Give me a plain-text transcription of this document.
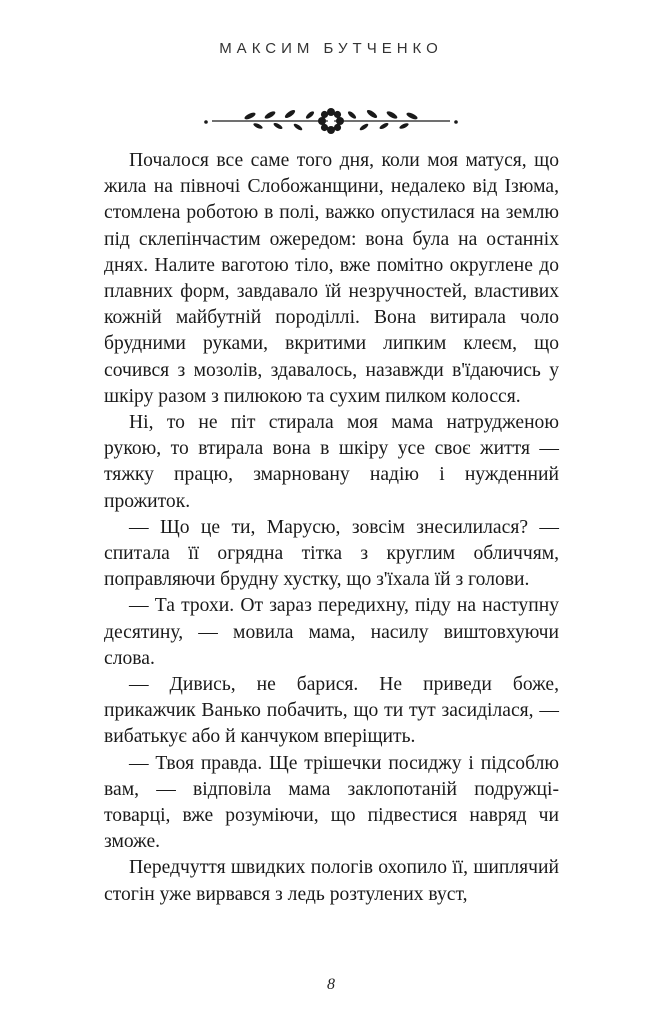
МАКСИМ БУТЧЕНКО

Почалося все саме того дня, коли моя матуся, що жила на півночі Слобожанщини, недалеко від Ізюма, стомлена роботою в полі, важко опустилася на землю під склепінчастим ожередом: вона була на останніх днях. Налите ваготою тіло, вже помітно округлене до плавних форм, завдавало їй незручностей, властивих кожній майбутній породіллі. Вона витирала чоло брудними руками, вкритими липким клеєм, що сочився з мозолів, здавалось, назавжди в'їдаючись у шкіру разом з пилюкою та сухим пилком колосся.

Ні, то не піт стирала моя мама натрудженою рукою, то втирала вона в шкіру усе своє життя — тяжку працю, змарновану надію і нужденний прожиток.

— Що це ти, Марусю, зовсім знесилилася? — спитала її огрядна тітка з круглим обличчям, поправляючи брудну хустку, що з'їхала їй з голови.

— Та трохи. От зараз передихну, піду на наступну десятину, — мовила мама, насилу виштовхуючи слова.

— Дивись, не барися. Не приведи боже, прикажчик Ванько побачить, що ти тут засиділася, — вибатькує або й канчуком вперіщить.

— Твоя правда. Ще трішечки посиджу і підсоблю вам, — відповіла мама заклопотаній подружці-товарці, вже розуміючи, що підвестися навряд чи зможе.

Передчуття швидких пологів охопило її, шиплячий стогін уже вирвався з ледь розтулених вуст,

8
